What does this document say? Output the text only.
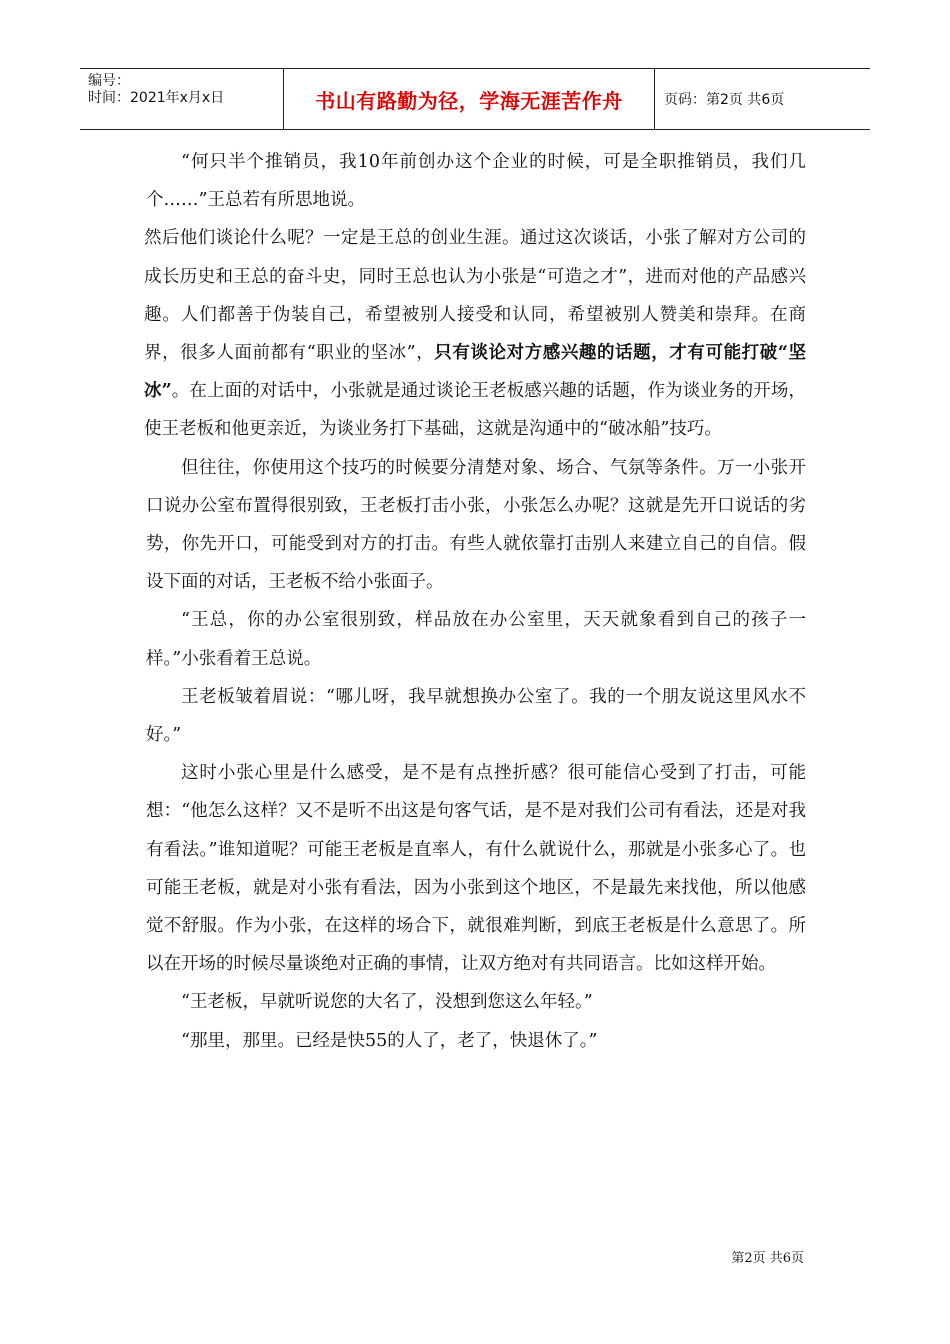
编号：
时间：2021年x月x日	书山有路勤为径，学海无涯苦作舟	页码：第2页 共6页

“何只半个推销员，我10年前创办这个企业的时候，可是全职推销员，我们几个……”王总若有所思地说。

然后他们谈论什么呢？一定是王总的创业生涯。通过这次谈话，小张了解对方公司的成长历史和王总的奋斗史，同时王总也认为小张是“可造之才”，进而对他的产品感兴趣。人们都善于伪装自己，希望被别人接受和认同，希望被别人赞美和崇拜。在商界，很多人面前都有“职业的坚冰”，只有谈论对方感兴趣的话题，才有可能打破“坚冰”。在上面的对话中，小张就是通过谈论王老板感兴趣的话题，作为谈业务的开场，使王老板和他更亲近，为谈业务打下基础，这就是沟通中的“破冰船”技巧。

但往往，你使用这个技巧的时候要分清楚对象、场合、气氛等条件。万一小张开口说办公室布置得很别致，王老板打击小张，小张怎么办呢？这就是先开口说话的劣势，你先开口，可能受到对方的打击。有些人就依靠打击别人来建立自己的自信。假设下面的对话，王老板不给小张面子。

“王总，你的办公室很别致，样品放在办公室里，天天就象看到自己的孩子一样。”小张看着王总说。

王老板皱着眉说：“哪儿呀，我早就想换办公室了。我的一个朋友说这里风水不好。”

这时小张心里是什么感受，是不是有点挫折感？很可能信心受到了打击，可能想：“他怎么这样？又不是听不出这是句客气话，是不是对我们公司有看法，还是对我有看法。”谁知道呢？可能王老板是直率人，有什么就说什么，那就是小张多心了。也可能王老板，就是对小张有看法，因为小张到这个地区，不是最先来找他，所以他感觉不舒服。作为小张，在这样的场合下，就很难判断，到底王老板是什么意思了。所以在开场的时候尽量谈绝对正确的事情，让双方绝对有共同语言。比如这样开始。

“王老板，早就听说您的大名了，没想到您这么年轻。”

“那里，那里。已经是快55的人了，老了，快退休了。”

第2页 共6页
